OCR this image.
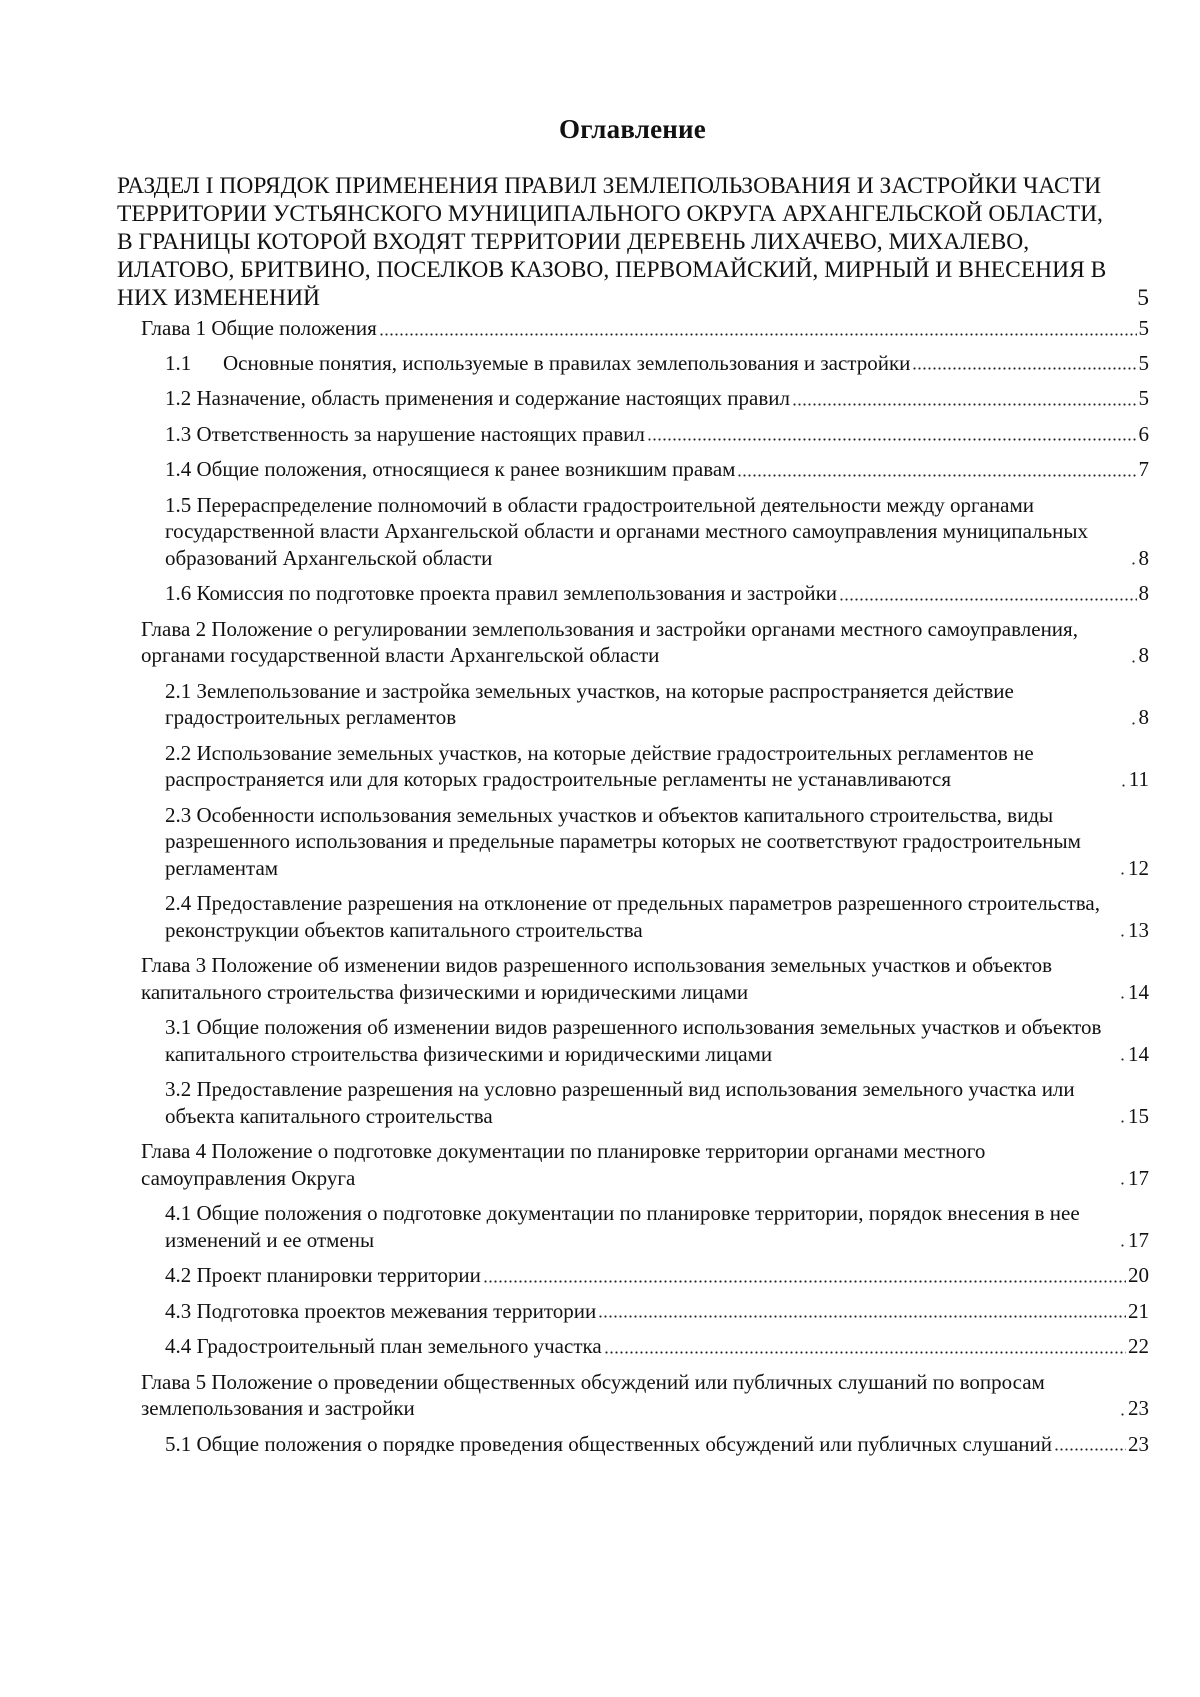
Оглавление
РАЗДЕЛ I ПОРЯДОК ПРИМЕНЕНИЯ ПРАВИЛ ЗЕМЛЕПОЛЬЗОВАНИЯ И ЗАСТРОЙКИ ЧАСТИ ТЕРРИТОРИИ УСТЬЯНСКОГО МУНИЦИПАЛЬНОГО ОКРУГА АРХАНГЕЛЬСКОЙ ОБЛАСТИ, В ГРАНИЦЫ КОТОРОЙ ВХОДЯТ ТЕРРИТОРИИ ДЕРЕВЕНЬ ЛИХАЧЕВО, МИХАЛЕВО, ИЛАТОВО, БРИТВИНО, ПОСЕЛКОВ КАЗОВО, ПЕРВОМАЙСКИЙ, МИРНЫЙ И ВНЕСЕНИЯ В НИХ ИЗМЕНЕНИЙ	5
Глава 1 Общие положения	5
1.1 Основные понятия, используемые в правилах землепользования и застройки	5
1.2 Назначение, область применения и содержание настоящих правил	5
1.3 Ответственность за нарушение настоящих правил	6
1.4 Общие положения, относящиеся к ранее возникшим правам	7
1.5 Перераспределение полномочий в области градостроительной деятельности между органами государственной власти Архангельской области и органами местного самоуправления муниципальных образований Архангельской области	8
1.6 Комиссия по подготовке проекта правил землепользования и застройки	8
Глава 2 Положение о регулировании землепользования и застройки органами местного самоуправления, органами государственной власти Архангельской области	8
2.1 Землепользование и застройка земельных участков, на которые распространяется действие градостроительных регламентов	8
2.2 Использование земельных участков, на которые действие градостроительных регламентов не распространяется или для которых градостроительные регламенты не устанавливаются	11
2.3 Особенности использования земельных участков и объектов капитального строительства, виды разрешенного использования и предельные параметры которых не соответствуют градостроительным регламентам	12
2.4 Предоставление разрешения на отклонение от предельных параметров разрешенного строительства, реконструкции объектов капитального строительства	13
Глава 3 Положение об изменении видов разрешенного использования земельных участков и объектов капитального строительства физическими и юридическими лицами	14
3.1 Общие положения об изменении видов разрешенного использования земельных участков и объектов капитального строительства физическими и юридическими лицами	14
3.2 Предоставление разрешения на условно разрешенный вид использования земельного участка или объекта капитального строительства	15
Глава 4 Положение о подготовке документации по планировке территории органами местного самоуправления Округа	17
4.1 Общие положения о подготовке документации по планировке территории, порядок внесения в нее изменений и ее отмены	17
4.2 Проект планировки территории	20
4.3 Подготовка проектов межевания территории	21
4.4 Градостроительный план земельного участка	22
Глава 5 Положение о проведении общественных обсуждений или публичных слушаний по вопросам землепользования и застройки	23
5.1 Общие положения о порядке проведения общественных обсуждений или публичных слушаний	23
